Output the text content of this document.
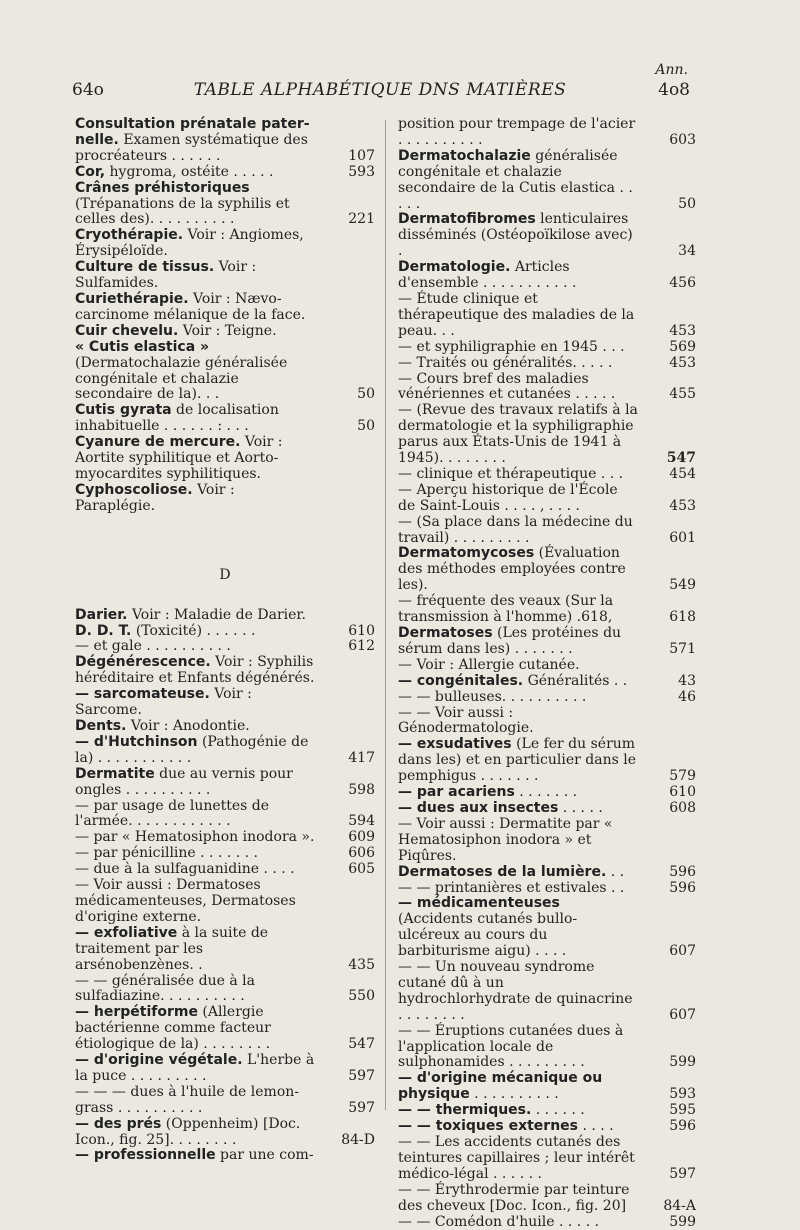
64o	TABLE ALPHABÉTIQUE DNS MATIÈRES
Ann.
4o8
Consultation prénatale pater-nelle. Examen systématique des procréateurs . . . . . .	107
Cor, hygroma, ostéite . . . . .	593
Crânes préhistoriques (Trépanations de la syphilis et celles des). . . . . . . . . .	221
Cryothérapie. Voir : Angiomes, Érysipéloïde.
Culture de tissus. Voir : Sulfamides.
Curiethérapie. Voir : Nævo-carcinome mélanique de la face.
Cuir chevelu. Voir : Teigne.
« Cutis elastica » (Dermatochalazie généralisée congénitale et chalazie secondaire de la). . .	50
Cutis gyrata de localisation inhabituelle . . . . . . : . . .	50
Cyanure de mercure. Voir : Aortite syphilitique et Aorto-myocardites syphilitiques.
Cyphoscoliose. Voir : Paraplégie.
D
Darier. Voir : Maladie de Darier.
D. D. T. (Toxicité) . . . . . .	610
— et gale . . . . . . . . . .	612
Dégénérescence. Voir : Syphilis héréditaire et Enfants dégénérés.
— sarcomateuse. Voir : Sarcome.
Dents. Voir : Anodontie.
— d'Hutchinson (Pathogénie de la) . . . . . . . . . . .	417
Dermatite due au vernis pour ongles . . . . . . . . . .	598
— par usage de lunettes de l'armée. . . . . . . . . . . .	594
— par « Hematosiphon inodora ». 609
— par pénicilline . . . . . . .	606
— due à la sulfaguanidine . . . .	605
— Voir aussi : Dermatoses médicamenteuses, Dermatoses d'origine externe.
— exfoliative à la suite de traitement par les arsénobenzènes. .	435
— — généralisée due à la sulfadiazine. . . . . . . . . .	550
— herpétiforme (Allergie bactérienne comme facteur étiologique de la) . . . . . . . .	547
— d'origine végétale. L'herbe à la puce . . . . . . . . .	597
— — — dues à l'huile de lemon-grass . . . . . . . . . .	597
— des prés (Oppenheim) [Doc. Icon., fig. 25]. . . . . . . .	84-D
— professionnelle par une com-
position pour trempage de l'acier . . . . . . . . . .	603
Dermatochalazie généralisée congénitale et chalazie secondaire de la Cutis elastica . . . . .	50
Dermatofibromes lenticulaires disséminés (Ostéopoïkilose avec) .	34
Dermatologie. Articles d'ensemble . . . . . . . . . . .	456
— Étude clinique et thérapeutique des maladies de la peau. . .	453
— et syphiligraphie en 1945 . . .	569
— Traités ou généralités. . . . .	453
— Cours bref des maladies vénériennes et cutanées . . . . .	455
— (Revue des travaux relatifs à la dermatologie et la syphiligraphie parus aux États-Unis de 1941 à 1945). . . . . . . .	547
— clinique et thérapeutique . . .	454
— Aperçu historique de l'École de Saint-Louis . . . . , . . . .	453
— (Sa place dans la médecine du travail) . . . . . . . . .	601
Dermatomycoses (Évaluation des méthodes employées contre les).	549
— fréquente des veaux (Sur la transmission à l'homme) .618,	618
Dermatoses (Les protéines du sérum dans les) . . . . . . .	571
— Voir : Allergie cutanée.
— congénitales. Généralités . .	43
— — bulleuses. . . . . . . . . .	46
— — Voir aussi : Génodermatologie.
— exsudatives (Le fer du sérum dans les) et en particulier dans le pemphigus . . . . . . .	579
— par acariens . . . . . . .	610
— dues aux insectes . . . . .	608
— Voir aussi : Dermatite par « Hematosiphon inodora » et Piqûres.
Dermatoses de la lumière. . .	596
— — printanières et estivales . .	596
— médicamenteuses (Accidents cutanés bullo-ulcéreux au cours du barbiturisme aigu) . . . .	607
— — Un nouveau syndrome cutané dû à un hydrochlorhydrate de quinacrine . . . . . . . .	607
— — Éruptions cutanées dues à l'application locale de sulphonamides . . . . . . . . .	599
— d'origine mécanique ou physique . . . . . . . . . .	593
— — thermiques. . . . . . .	595
— — toxiques externes . . . .	596
— — Les accidents cutanés des teintures capillaires ; leur intérêt médico-légal . . . . . .	597
— — Érythrodermie par teinture des cheveux [Doc. Icon., fig. 20]	84-A
— — Comédon d'huile . . . . .	599
